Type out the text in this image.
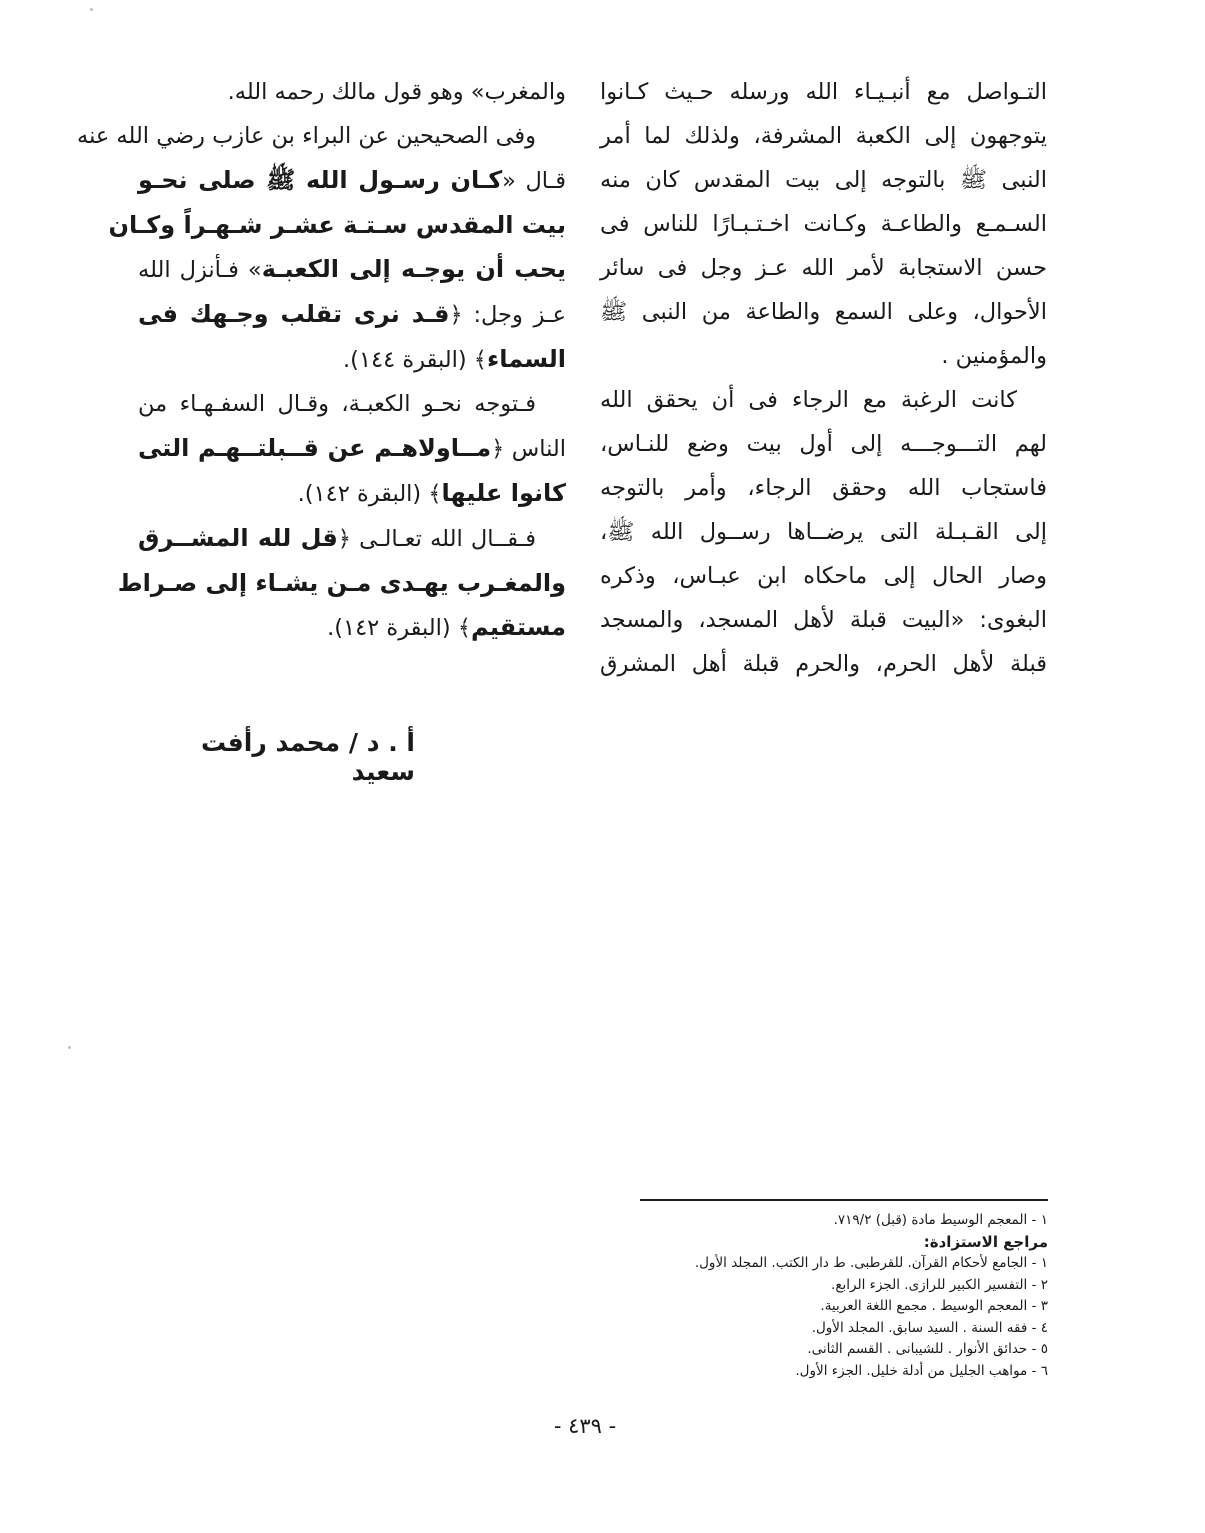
التـواصل مع أنبـيـاء الله ورسله حـيث كـانوا
يتوجهون إلى الكعبة المشرفة، ولذلك لما أمر
النبى ﷺ بالتوجه إلى بيت المقدس كان منه
السـمـع والطاعـة وكـانت اخـتـبـارًا للناس فى
حسن الاستجابة لأمر الله عـز وجل فى سائر
الأحوال، وعلى السمع والطاعة من النبى ﷺ
والمؤمنين .
كانت الرغبة مع الرجاء فى أن يحقق الله
لهم التـــوجـــه إلى أول بيت وضع للنـاس،
فاستجاب الله وحقق الرجاء، وأمر بالتوجه
إلى القـبـلة التى يرضــاها رســول الله ﷺ،
وصار الحال إلى ماحكاه ابن عبـاس، وذكره
البغوى: «البيت قبلة لأهل المسجد، والمسجد
قبلة لأهل الحرم، والحرم قبلة أهل المشرق
والمغرب» وهو قول مالك رحمه الله.
وفى الصحيحين عن البراء بن عازب رضي الله عنه
قـال «كـان رسـول الله ﷺ صلى نحـو
بيت المقدس سـتـة عشـر شـهـراً وكـان
يحب أن يوجـه إلى الكعبـة» فـأنزل الله
عـز وجل: ﴿قـد نرى تقلب وجـهك فى
السماء﴾ (البقرة ١٤٤).
فـتوجه نحـو الكعبـة، وقـال السفـهـاء من
الناس ﴿مــاولاهـم عن قــبلتــهـم التى
كانوا عليها﴾ (البقرة ١٤٢).
فـقــال الله تعـالـى ﴿قل لله المشــرق
والمغـرب يهـدى مـن يشـاء إلى صـراط
مستقيم﴾ (البقرة ١٤٢).
أ . د / محمد رأفت سعيد
١ - المعجم الوسيط مادة (قبل) ٧١٩/٢.
مراجع الاستزادة:
١ - الجامع لأحكام القرآن. للقرطبى. ط دار الكتب. المجلد الأول.
٢ - التفسير الكبير للرازى. الجزء الرابع.
٣ - المعجم الوسيط . مجمع اللغة العربية.
٤ - فقه السنة . السيد سابق. المجلد الأول.
٥ - حدائق الأنوار . للشيبانى . القسم الثانى.
٦ - مواهب الجليل من أدلة خليل. الجزء الأول.
- ٤٣٩ -
